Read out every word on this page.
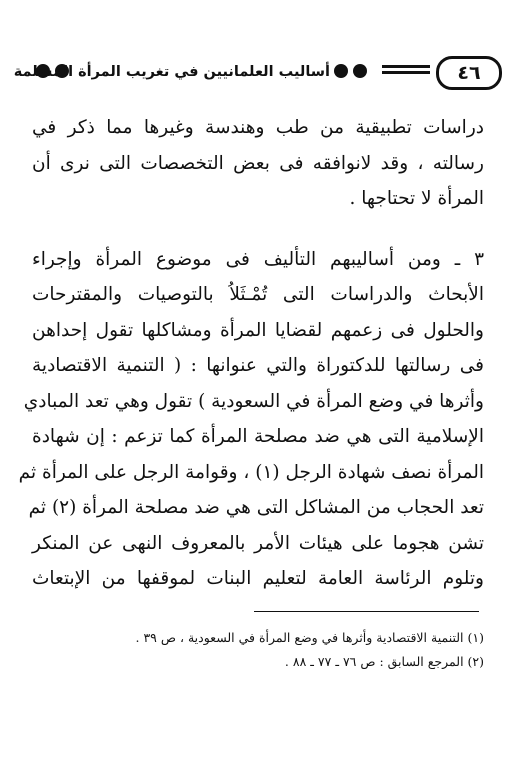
أساليب العلمانيين في تغريب المرأة المسلمة	٤٦
دراسات تطبيقية من طب وهندسة وغيرها مما ذكر في
رسالته ، وقد لانوافقه فى بعض التخصصات التى نرى أن
المرأة لا تحتاجها .
٣ ـ ومن أساليبهم التأليف فى موضوع المرأة وإجراء
الأبحاث والدراسات التى تُمْـثَلاُ بالتوصيات والمقترحات
والحلول فى زعمهم لقضايا المرأة ومشاكلها تقول إحداهن
فى رسالتها للدكتوراة والتي عنوانها : ( التنمية الاقتصادية
وأثرها في وضع المرأة في السعودية ) تقول وهي تعد المبادي
الإسلامية التى هي ضد مصلحة المرأة كما تزعم : إن شهادة
المرأة نصف شهادة الرجل (١) ، وقوامة الرجل على المرأة ثم
تعد الحجاب من المشاكل التى هي ضد مصلحة المرأة (٢) ثم
تشن هجوما على هيئات الأمر بالمعروف النهى عن المنكر
وتلوم الرئاسة العامة لتعليم البنات لموقفها من الإبتعاث
(١) التنمية الاقتصادية وأثرها في وضع المرأة في السعودية ، ص ٣٩ .
(٢) المرجع السابق : ص ٧٦ ـ ٧٧ ـ ٨٨ .
